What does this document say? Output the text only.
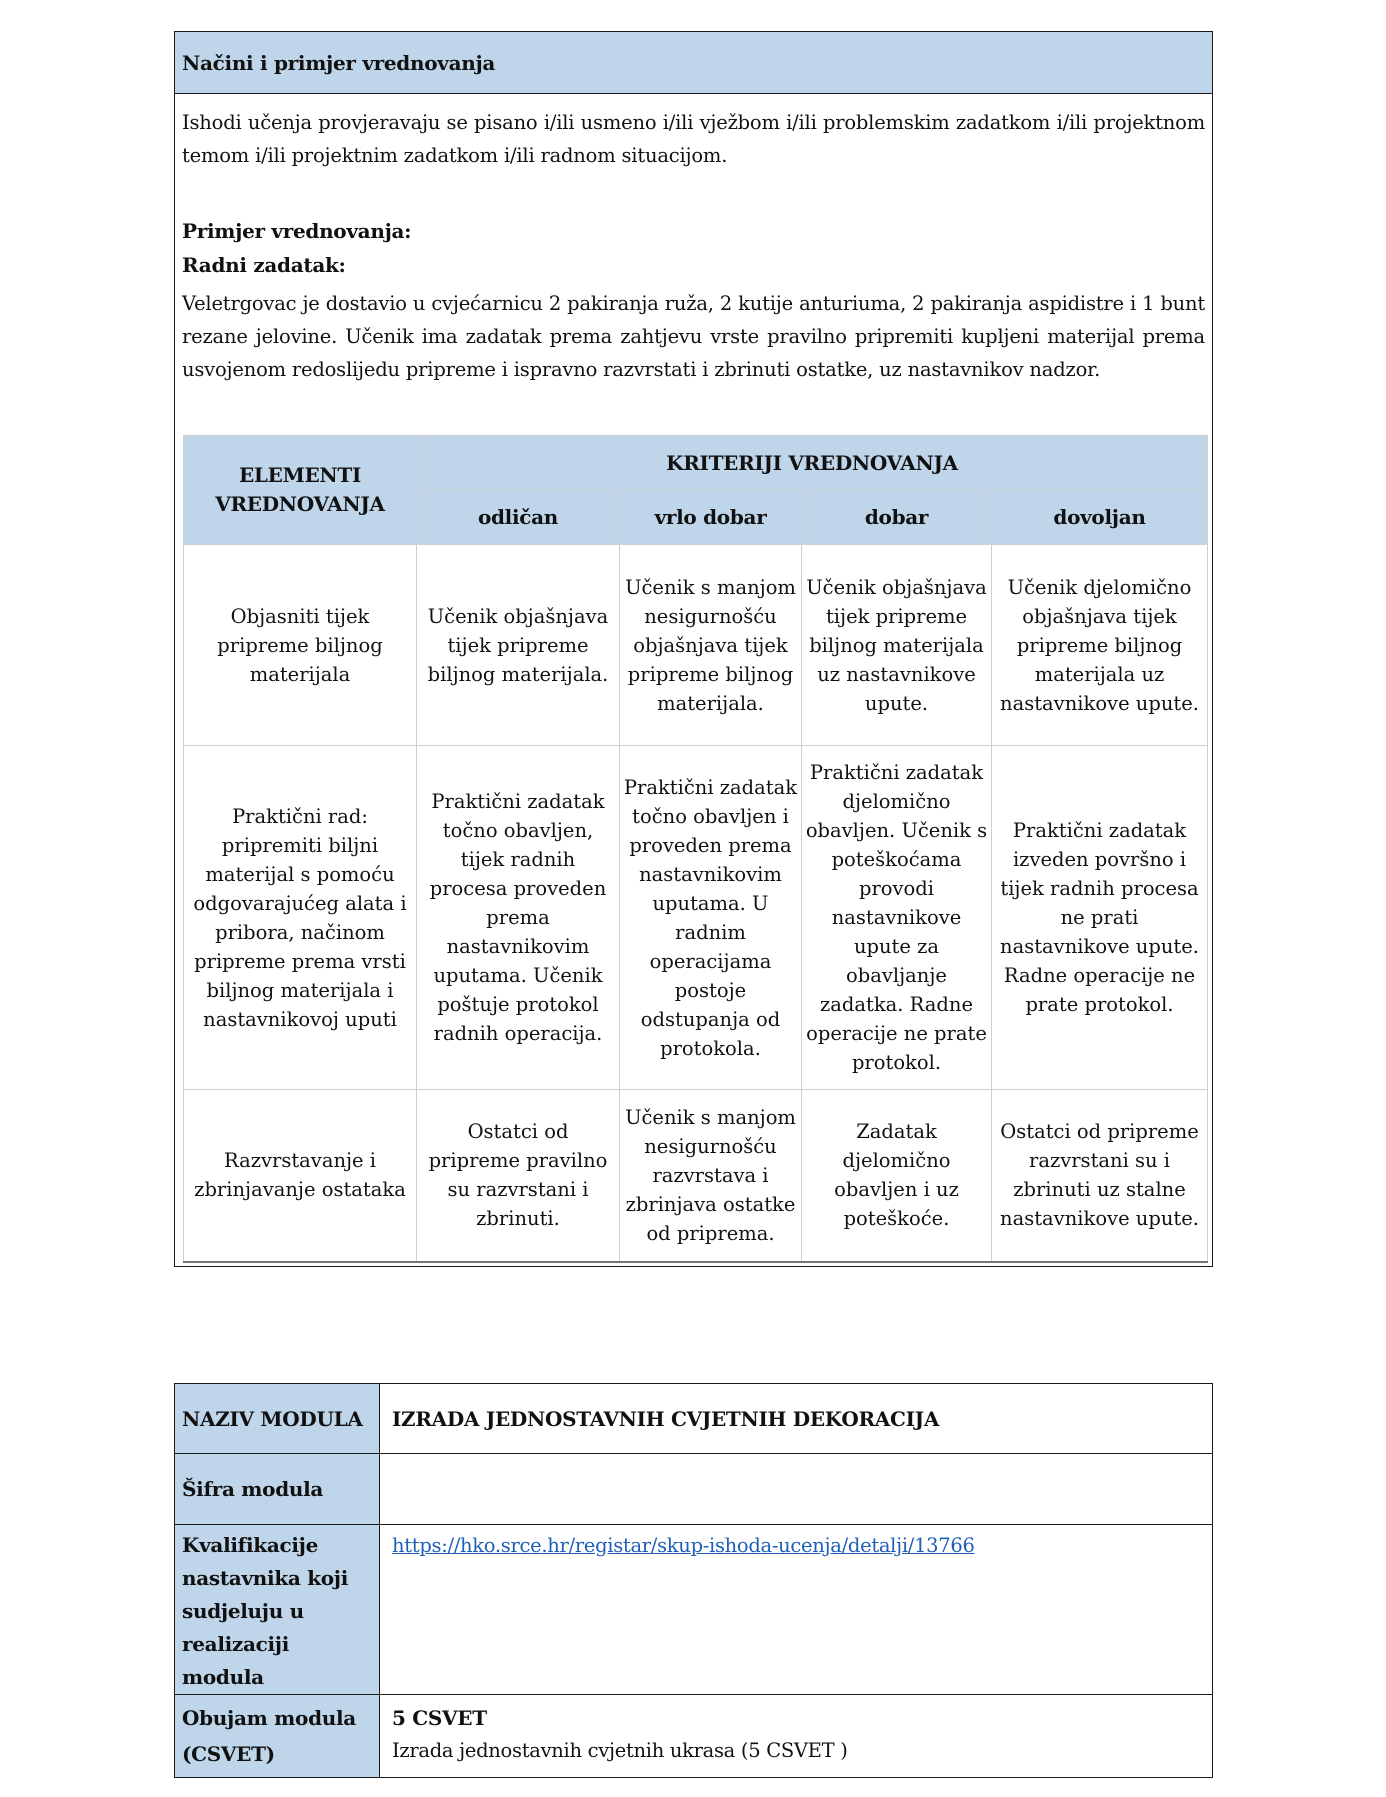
Načini i primjer vrednovanja

Ishodi učenja provjeravaju se pisano i/ili usmeno i/ili vježbom i/ili problemskim zadatkom i/ili projektnom temom i/ili projektnim zadatkom i/ili radnom situacijom.

Primjer vrednovanja:

Radni zadatak:

Veletrgovac je dostavio u cvjećarnicu 2 pakiranja ruža, 2 kutije anturiuma, 2 pakiranja aspidistre i 1 bunt rezane jelovine. Učenik ima zadatak prema zahtjevu vrste pravilno pripremiti kupljeni materijal prema usvojenom redoslijedu pripreme i ispravno razvrstati i zbrinuti ostatke, uz nastavnikov nadzor.

ELEMENTI VREDNOVANJA	KRITERIJI VREDNOVANJA			
	odličan	vrlo dobar	dobar	dovoljan
Objasniti tijek pripreme biljnog materijala	Učenik objašnjava tijek pripreme biljnog materijala.	Učenik s manjom nesigurnošću objašnjava tijek pripreme biljnog materijala.	Učenik objašnjava tijek pripreme biljnog materijala uz nastavnikove upute.	Učenik djelomično objašnjava tijek pripreme biljnog materijala uz nastavnikove upute.
Praktični rad: pripremiti biljni materijal s pomoću odgovarajućeg alata i pribora, načinom pripreme prema vrsti biljnog materijala i nastavnikovoj uputi	Praktični zadatak točno obavljen, tijek radnih procesa proveden prema nastavnikovim uputama. Učenik poštuje protokol radnih operacija.	Praktični zadatak točno obavljen i proveden prema nastavnikovim uputama. U radnim operacijama postoje odstupanja od protokola.	Praktični zadatak djelomično obavljen. Učenik s poteškoćama provodi nastavnikove upute za obavljanje zadatka. Radne operacije ne prate protokol.	Praktični zadatak izveden površno i tijek radnih procesa ne prati nastavnikove upute. Radne operacije ne prate protokol.
Razvrstavanje i zbrinjavanje ostataka	Ostatci od pripreme pravilno su razvrstani i zbrinuti.	Učenik s manjom nesigurnošću razvrstava i zbrinjava ostatke od priprema.	Zadatak djelomično obavljen i uz poteškoće.	Ostatci od pripreme razvrstani su i zbrinuti uz stalne nastavnikove upute.
NAZIV MODULA	IZRADA JEDNOSTAVNIH CVJETNIH DEKORACIJA
Šifra modula	
Kvalifikacije nastavnika koji sudjeluju u realizaciji modula	https://hko.srce.hr/registar/skup-ishoda-ucenja/detalji/13766
Obujam modula (CSVET)	5 CSVET
Izrada jednostavnih cvjetnih ukrasa (5 CSVET )
